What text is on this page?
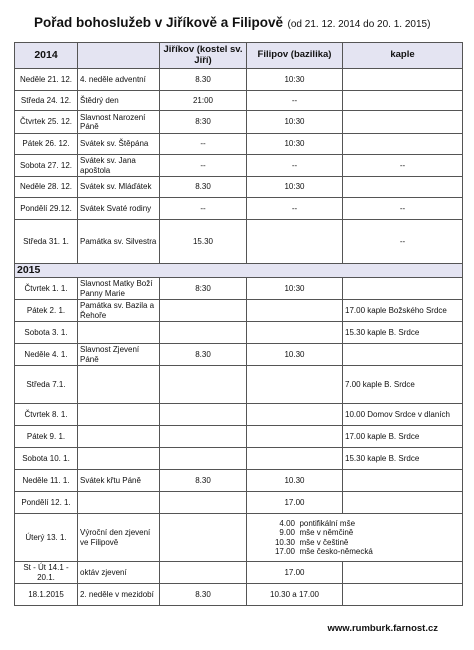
Pořad bohoslužeb v Jiříkově a Filipově (od 21. 12. 2014 do 20. 1. 2015)
2014		Jiříkov (kostel sv. Jiří)	Filipov (bazilika)	kaple
Neděle 21. 12.	4. neděle adventní	8.30	10:30	
Středa 24. 12.	Štědrý den	21:00	--	
Čtvrtek 25. 12.	Slavnost Narození Páně	8:30	10:30	
Pátek 26. 12.	Svátek sv. Štěpána	--	10:30	
Sobota 27. 12.	Svátek sv. Jana apoštola	--	--	--
Neděle 28. 12.	Svátek sv. Mláďátek	8.30	10:30	
Pondělí 29.12.	Svátek Svaté rodiny	--	--	--
Středa 31. 1.	Památka sv. Silvestra	15.30		--
2015				
Čtvrtek 1. 1.	Slavnost Matky Boží Panny Marie	8:30	10:30	
Pátek 2. 1.	Památka sv. Bazila a Řehoře			17.00 kaple Božského Srdce
Sobota 3. 1.				15.30 kaple B. Srdce
Neděle 4. 1.	Slavnost Zjevení Páně	8.30	10.30	
Středa 7.1.				7.00 kaple B. Srdce
Čtvrtek 8. 1.				10.00 Domov Srdce v dlaních
Pátek 9. 1.				17.00 kaple B. Srdce
Sobota 10. 1.				15.30 kaple B. Srdce
Neděle 11. 1.	Svátek křtu Páně	8.30	10.30	
Pondělí 12. 1.			17.00	
Úterý 13. 1.	Výroční den zjevení ve Filipově		4.00 pontifikální mše
9.00 mše v němčině
10.30 mše v češtině
17.00 mše česko-německá	

St - Út 14.1 - 20.1.	oktáv zjevení		17.00	
18.1.2015	2. neděle v mezidobí	8.30	10.30 a 17.00	
www.rumburk.farnost.cz
